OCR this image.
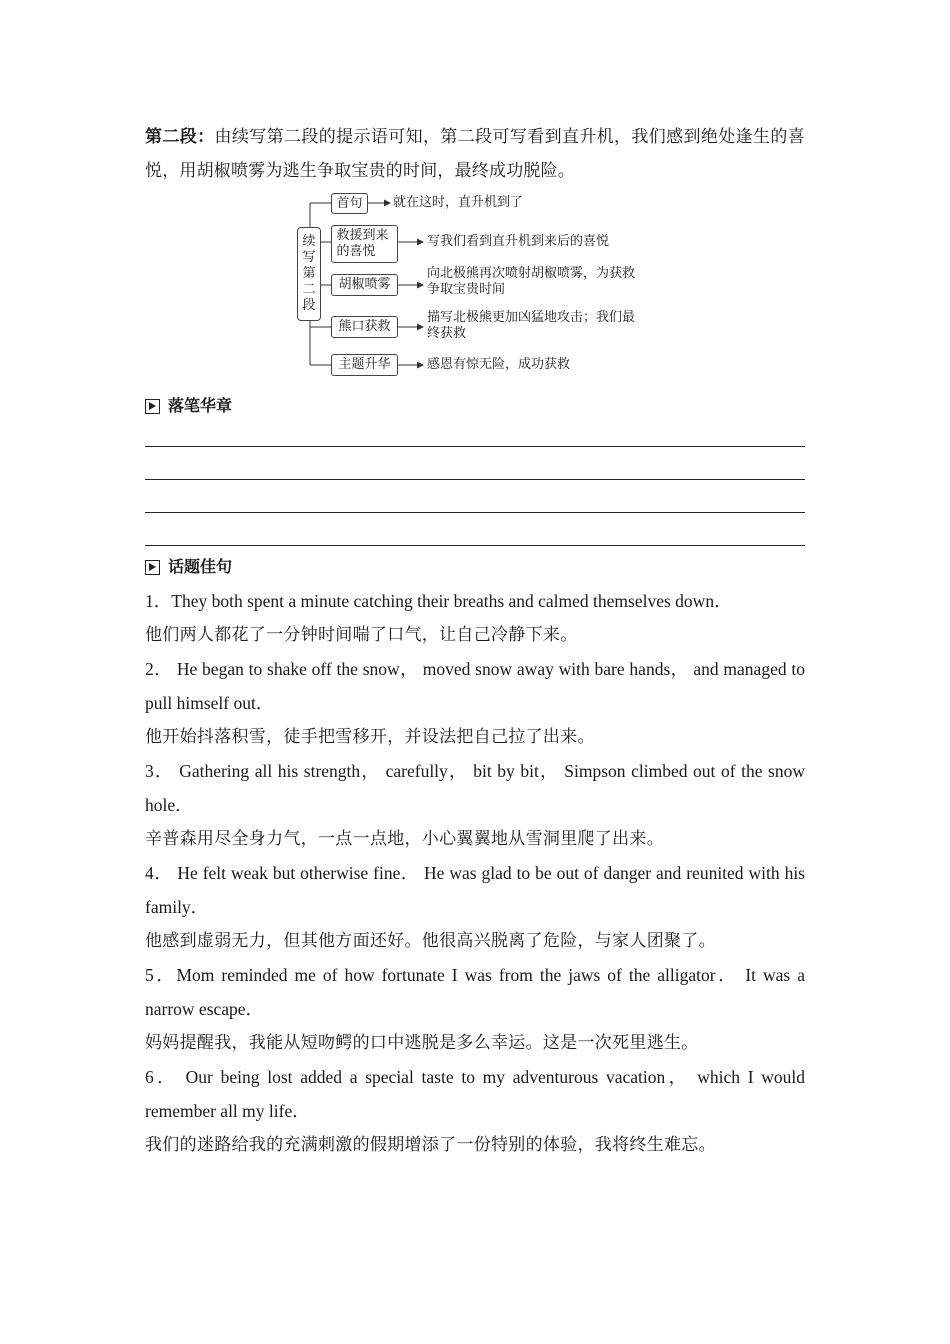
第二段：由续写第二段的提示语可知，第二段可写看到直升机，我们感到绝处逢生的喜悦，用胡椒喷雾为逃生争取宝贵的时间，最终成功脱险。
续
写
第
二
段
首句 就在这时，直升机到了
救援到来的喜悦
写我们看到直升机到来后的喜悦
胡椒喷雾
向北极熊再次喷射胡椒喷雾，为获救争取宝贵时间
熊口获救
描写北极熊更加凶猛地攻击；我们最终获救
主题升华	感恩有惊无险，成功获救
落笔华章
话题佳句
1．They both spent a minute catching their breaths and calmed themselves down．
他们两人都花了一分钟时间喘了口气，让自己冷静下来。
2． He began to shake off the snow， moved snow away with bare hands， and managed to pull himself out．
他开始抖落积雪，徒手把雪移开，并设法把自己拉了出来。
3． Gathering all his strength， carefully， bit by bit， Simpson climbed out of the snow hole．
辛普森用尽全身力气，一点一点地，小心翼翼地从雪洞里爬了出来。
4． He felt weak but otherwise fine． He was glad to be out of danger and reunited with his family．
他感到虚弱无力，但其他方面还好。他很高兴脱离了危险，与家人团聚了。
5．Mom reminded me of how fortunate I was from the jaws of the alligator． It was a narrow escape．
妈妈提醒我，我能从短吻鳄的口中逃脱是多么幸运。这是一次死里逃生。
6． Our being lost added a special taste to my adventurous vacation， which I would remember all my life．
我们的迷路给我的充满刺激的假期增添了一份特别的体验，我将终生难忘。
